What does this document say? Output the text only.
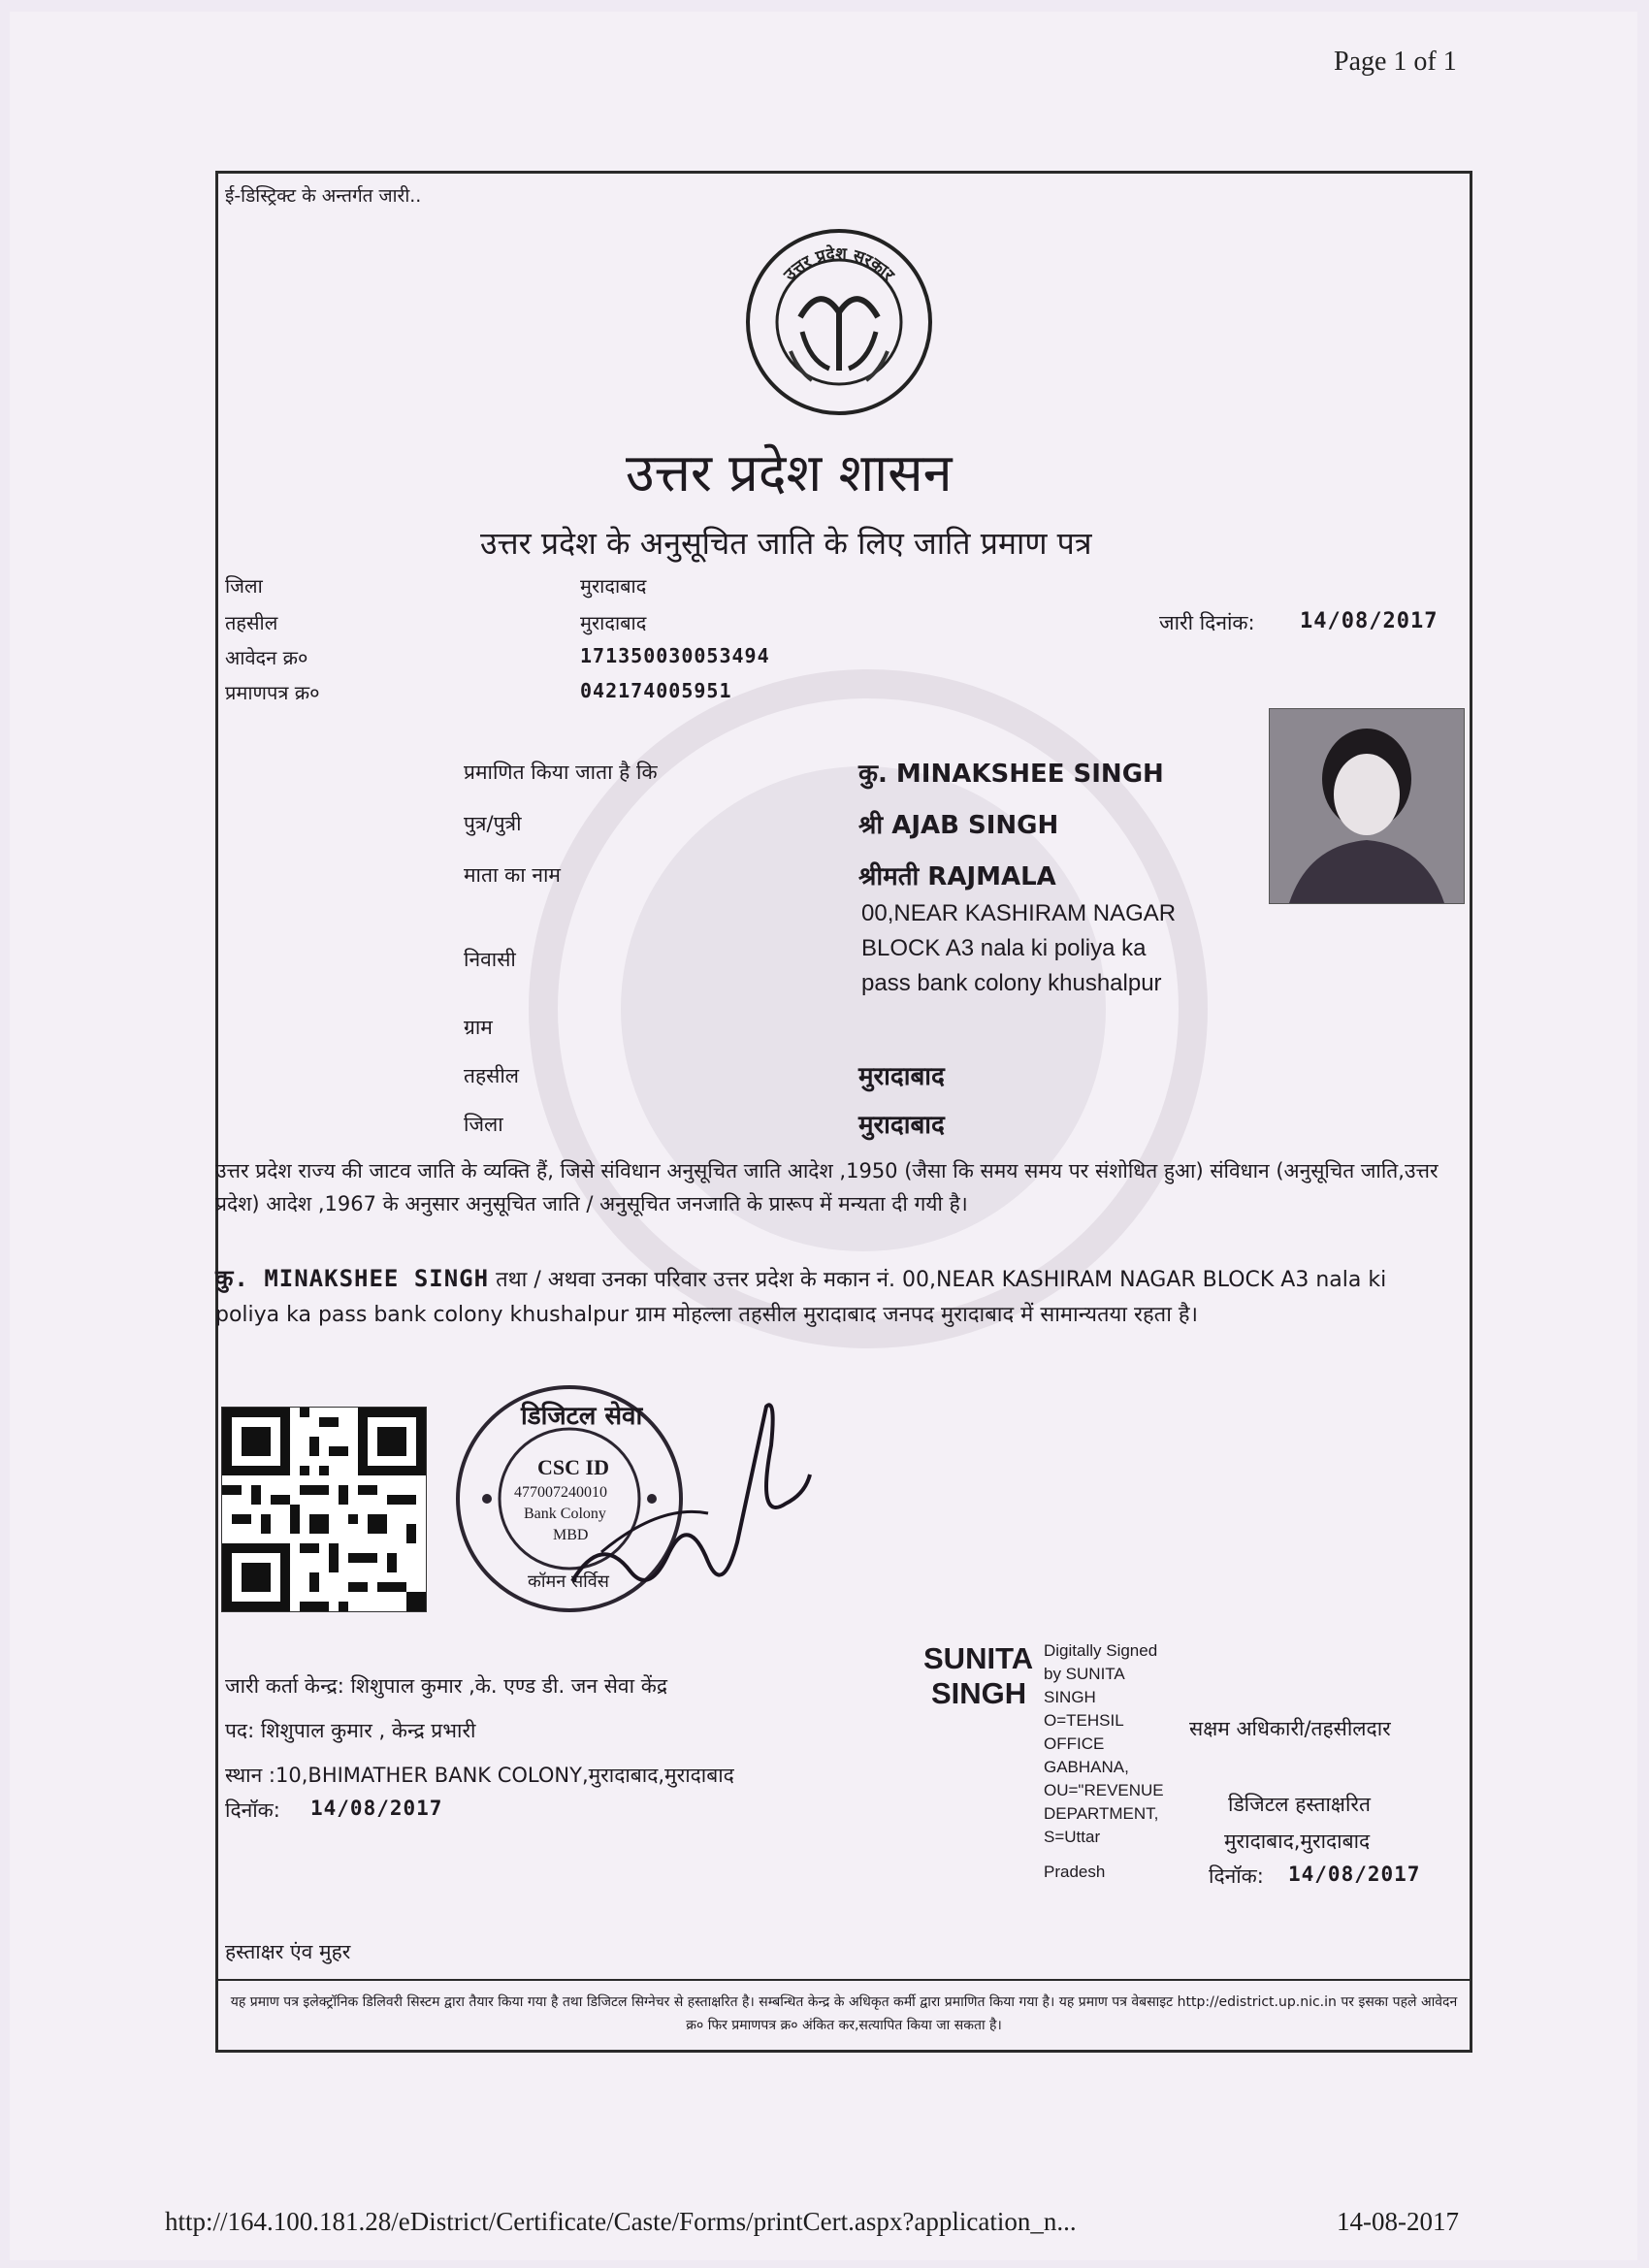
Page 1 of 1
ई-डिस्ट्रिक्ट के अन्तर्गत जारी..
उत्तर प्रदेश सरकार
उत्तर प्रदेश शासन
उत्तर प्रदेश के अनुसूचित जाति के लिए जाति प्रमाण पत्र
जिला	मुरादाबाद
तहसील	मुरादाबाद
आवेदन क्र०	171350030053494
प्रमाणपत्र क्र०	042174005951
जारी दिनांक: 14/08/2017
प्रमाणित किया जाता है कि	कु. MINAKSHEE SINGH
पुत्र/पुत्री	श्री AJAB SINGH
माता का नाम	श्रीमती RAJMALA
निवासी
00,NEAR KASHIRAM NAGAR
BLOCK A3 nala ki poliya ka
pass bank colony khushalpur
ग्राम
तहसील	मुरादाबाद
जिला	मुरादाबाद
उत्तर प्रदेश राज्य की जाटव जाति के व्यक्ति हैं, जिसे संविधान अनुसूचित जाति आदेश ,1950 (जैसा कि समय समय पर संशोधित हुआ) संविधान (अनुसूचित जाति,उत्तर प्रदेश) आदेश ,1967 के अनुसार अनुसूचित जाति / अनुसूचित जनजाति के प्रारूप में मन्यता दी गयी है।
कु. MINAKSHEE SINGH तथा / अथवा उनका परिवार उत्तर प्रदेश के मकान नं. 00,NEAR KASHIRAM NAGAR BLOCK A3 nala ki poliya ka pass bank colony khushalpur ग्राम मोहल्ला तहसील मुरादाबाद जनपद मुरादाबाद में सामान्यतया रहता है।
डिजिटल सेवा
CSC ID
477007240010
Bank Colony
MBD
कॉमन सर्विस
जारी कर्ता केन्द्र: शिशुपाल कुमार ,के. एण्ड डी. जन सेवा केंद्र
पद: शिशुपाल कुमार , केन्द्र प्रभारी
स्थान :10,BHIMATHER BANK COLONY,मुरादाबाद,मुरादाबाद
दिनॉक: 14/08/2017
SUNITA
SINGH
Digitally Signed
by SUNITA
SINGH
O=TEHSIL
OFFICE
GABHANA,
OU="REVENUE
DEPARTMENT,
S=Uttar
Pradesh
सक्षम अधिकारी/तहसीलदार
डिजिटल हस्ताक्षरित
मुरादाबाद,मुरादाबाद
दिनॉक: 14/08/2017
हस्ताक्षर एंव मुहर
यह प्रमाण पत्र इलेक्ट्रॉनिक डिलिवरी सिस्टम द्वारा तैयार किया गया है तथा डिजिटल सिग्नेचर से हस्ताक्षरित है। सम्बन्धित केन्द्र के अधिकृत कर्मी द्वारा प्रमाणित किया गया है। यह प्रमाण पत्र वेबसाइट http://edistrict.up.nic.in पर इसका पहले आवेदन क्र० फिर प्रमाणपत्र क्र० अंकित कर,सत्यापित किया जा सकता है।
http://164.100.181.28/eDistrict/Certificate/Caste/Forms/printCert.aspx?application_n...	14-08-2017
